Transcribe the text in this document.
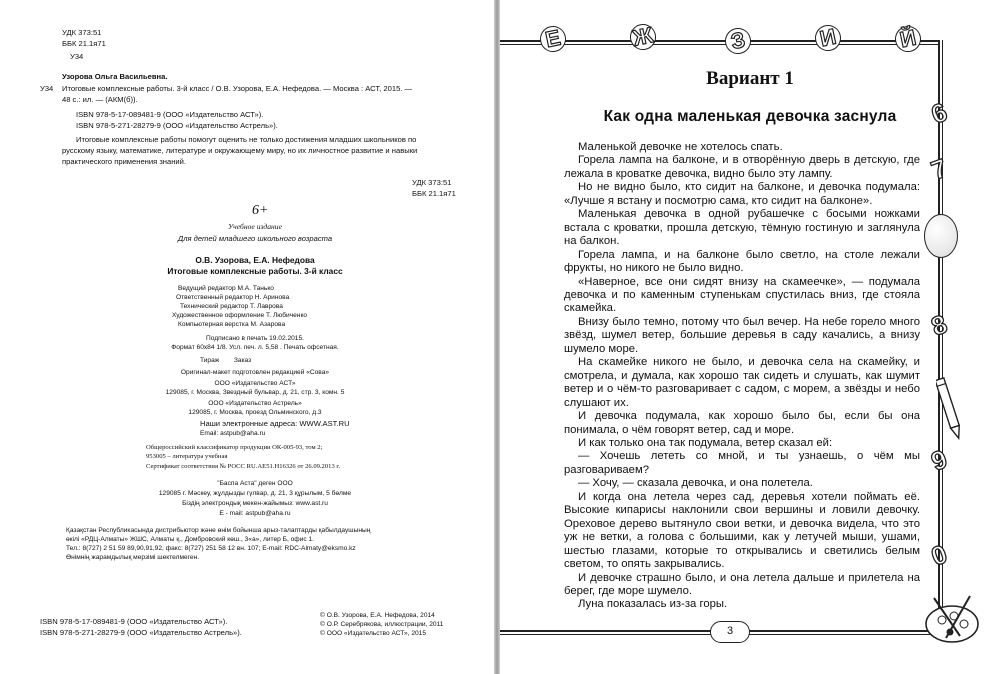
УДК 373:51
ББК 21.1я71
У34
Узорова Ольга Васильевна.
У34 Итоговые комплексные работы. 3-й класс / О.В. Узорова, Е.А. Нефедова. — Москва : АСТ, 2015. —
48 с.: ил. — (АКМ(б)).
ISBN 978-5-17-089481-9 (ООО «Издательство АСТ»).
ISBN 978-5-271-28279-9 (ООО «Издательство Астрель»).
Итоговые комплексные работы помогут оценить не только достижения младших школьников по
русскому языку, математике, литературе и окружающему миру, но их личностное развитие и навыки
практического применения знаний.
УДК 373:51
ББК 21.1я71
6+
Учебное издание
Для детей младшего школьного возраста
О.В. Узорова, Е.А. Нефедова
Итоговые комплексные работы. 3-й класс
Ведущий редактор М.А. Танько
Ответственный редактор Н. Аринова
Технический редактор Т. Лаврова
Художественное оформление Т. Любиченко
Компьютерная верстка М. Азарова
Подписано в печать 19.02.2015.
Формат 60x84 1/8. Усл. печ. л. 5,58 . Печать офсетная.
Тираж        Заказ
Оригинал-макет подготовлен редакцией «Сова»
ООО «Издательство АСТ»
129085, г. Москва, Звездный бульвар, д. 21, стр. 3, комн. 5
ООО «Издательство Астрель»
129085, г. Москва, проезд Ольминского, д.3
Наши электронные адреса: WWW.AST.RU
Email: astpub@aha.ru
Общероссийский классификатор продукции ОК-005-93, том 2;
953005 – литература учебная
Сертификат соответствия № РОСС RU.АЕ51.Н16326 от 26.09.2013 г.
"Баспа Аста" деген ООО
129085 г. Мәскеу, жұлдызды гүлвар, д. 21, 3 құрылым, 5 бөлме
Біздің электрондық мекен-жайымыз: www.ast.ru
E - mail: astpub@aha.ru
Қазақстан Республикасында дистрибьютор және өнім бойынша арыз-талаптарды қабылдаушының
өкілі «РДЦ-Алматы» ЖШС, Алматы қ., Домбровский көш., 3«а», литер Б, офис 1.
Тел.: 8(727) 2 51 59 89,90,91,92, факс: 8(727) 251 58 12 вн. 107; E-mail: RDC-Almaty@eksmo.kz
Өнімнің жарамдылық мерзімі шектелмеген.
ISBN 978-5-17-089481-9 (ООО «Издательство АСТ»).
ISBN 978-5-271-28279-9 (ООО «Издательство Астрель»).
© О.В. Узорова, Е.А. Нефедова, 2014
© О.Р. Серебрякова, иллюстрации, 2011
© ООО «Издательство АСТ», 2015
Е	Ж	З	И	Й
6
7
8
9
0
Вариант 1
Как одна маленькая девочка заснула

Маленькой девочке не хотелось спать.

Горела лампа на балконе, и в отворённую дверь в детскую, где лежала в кроватке девочка, видно было эту лампу.

Но не видно было, кто сидит на балконе, и девочка подумала: «Лучше я встану и посмотрю сама, кто сидит на балконе».

Маленькая девочка в одной рубашечке с босыми ножками встала с кроватки, прошла детскую, тёмную гостиную и заглянула на балкон.

Горела лампа, и на балконе было светло, на столе лежали фрукты, но никого не было видно.

«Наверное, все они сидят внизу на скамеечке», — подумала девочка и по каменным ступенькам спустилась вниз, где стояла скамейка.

Внизу было темно, потому что был вечер. На небе горело много звёзд, шумел ветер, большие деревья в саду качались, а внизу шумело море.

На скамейке никого не было, и девочка села на скамейку, и смотрела, и думала, как хорошо так сидеть и слушать, как шумит ветер и о чём-то разговаривает с садом, с морем, а звёзды и небо слушают их.

И девочка подумала, как хорошо было бы, если бы она понимала, о чём говорят ветер, сад и море.

И как только она так подумала, ветер сказал ей:

— Хочешь лететь со мной, и ты узнаешь, о чём мы разговариваем?

— Хочу, — сказала девочка, и она полетела.

И когда она летела через сад, деревья хотели поймать её. Высокие кипарисы наклонили свои вершины и ловили девочку. Ореховое дерево вытянуло свои ветки, и девочка видела, что это уж не ветки, а голова с большими, как у летучей мыши, ушами, шестью глазами, которые то открывались и светились белым светом, то опять закрывались.

И девочке страшно было, и она летела дальше и прилетела на берег, где море шумело.

Луна показалась из-за горы.

3
